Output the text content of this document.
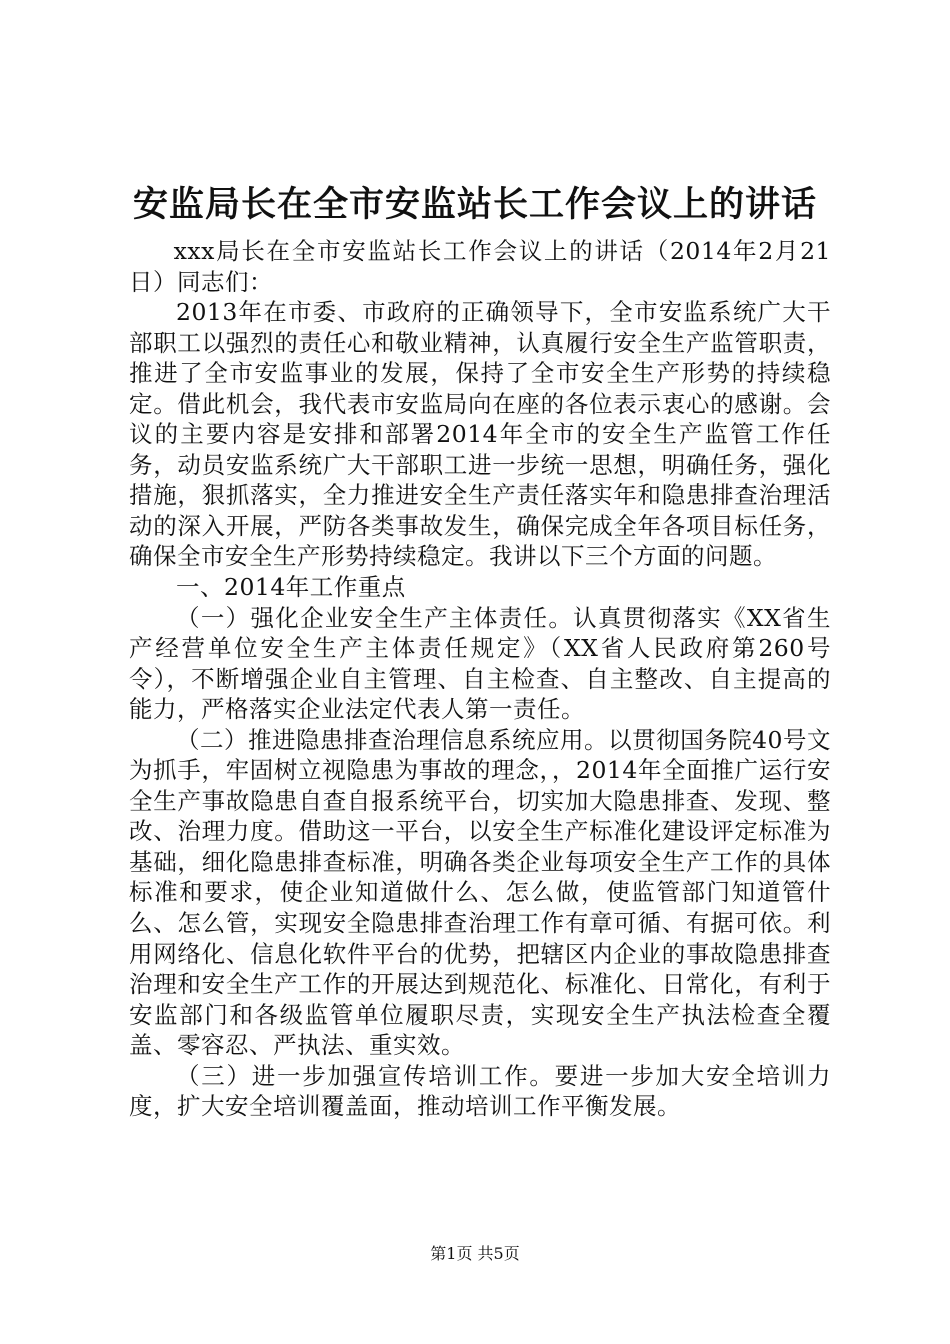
安监局长在全市安监站长工作会议上的讲话

xxx局长在全市安监站长工作会议上的讲话（2014年2月21日）同志们：

2013年在市委、市政府的正确领导下，全市安监系统广大干部职工以强烈的责任心和敬业精神，认真履行安全生产监管职责，推进了全市安监事业的发展，保持了全市安全生产形势的持续稳定。借此机会，我代表市安监局向在座的各位表示衷心的感谢。会议的主要内容是安排和部署2014年全市的安全生产监管工作任务，动员安监系统广大干部职工进一步统一思想，明确任务，强化措施，狠抓落实，全力推进安全生产责任落实年和隐患排查治理活动的深入开展，严防各类事故发生，确保完成全年各项目标任务，确保全市安全生产形势持续稳定。我讲以下三个方面的问题。

一、2014年工作重点

（一）强化企业安全生产主体责任。认真贯彻落实《XX省生产经营单位安全生产主体责任规定》（XX省人民政府第260号令），不断增强企业自主管理、自主检查、自主整改、自主提高的能力，严格落实企业法定代表人第一责任。

（二）推进隐患排查治理信息系统应用。以贯彻国务院40号文为抓手，牢固树立视隐患为事故的理念，，2014年全面推广运行安全生产事故隐患自查自报系统平台，切实加大隐患排查、发现、整改、治理力度。借助这一平台，以安全生产标准化建设评定标准为基础，细化隐患排查标准，明确各类企业每项安全生产工作的具体标准和要求，使企业知道做什么、怎么做，使监管部门知道管什么、怎么管，实现安全隐患排查治理工作有章可循、有据可依。利用网络化、信息化软件平台的优势，把辖区内企业的事故隐患排查治理和安全生产工作的开展达到规范化、标准化、日常化，有利于安监部门和各级监管单位履职尽责，实现安全生产执法检查全覆盖、零容忍、严执法、重实效。

（三）进一步加强宣传培训工作。要进一步加大安全培训力度，扩大安全培训覆盖面，推动培训工作平衡发展。

第1页 共5页
